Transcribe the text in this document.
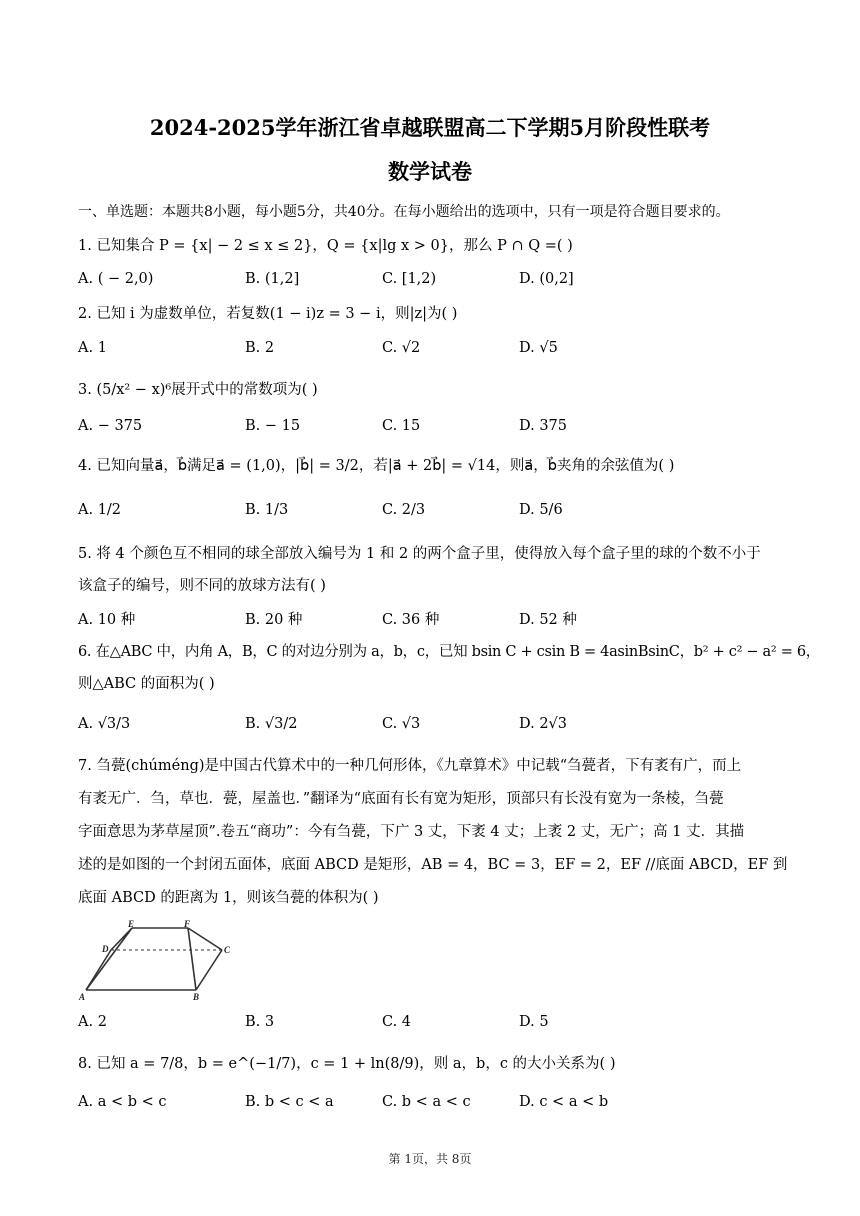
2024-2025学年浙江省卓越联盟高二下学期5月阶段性联考
数学试卷
一、单选题：本题共8小题，每小题5分，共40分。在每小题给出的选项中，只有一项是符合题目要求的。
1. 已知集合 P = {x| − 2 ≤ x ≤ 2}，Q = {x|lg x > 0}，那么 P ∩ Q =( )
A. ( − 2,0)	B. (1,2]	C. [1,2)	D. (0,2]
2. 已知 i 为虚数单位，若复数(1 − i)z = 3 − i，则|z|为( )
A. 1	B. 2	C. √2	D. √5
3. (5/x² − x)⁶展开式中的常数项为( )
A. − 375	B. − 15	C. 15	D. 375
4. 已知向量a⃗，b⃗满足a⃗ = (1,0)，|b⃗| = 3/2，若|a⃗ + 2b⃗| = √14，则a⃗，b⃗夹角的余弦值为( )
A. 1/2	B. 1/3	C. 2/3	D. 5/6
5. 将 4 个颜色互不相同的球全部放入编号为 1 和 2 的两个盒子里，使得放入每个盒子里的球的个数不小于
该盒子的编号，则不同的放球方法有( )
A. 10 种	B. 20 种	C. 36 种	D. 52 种
6. 在△ABC 中，内角 A，B，C 的对边分别为 a，b，c，已知 bsin C + csin B = 4asinBsinC，b² + c² − a² = 6，
则△ABC 的面积为( )
A. √3/3	B. √3/2	C. √3	D. 2√3
7. 刍甍(chúméng)是中国古代算术中的一种几何形体，《九章算术》中记载“刍甍者，下有袤有广，而上
有袤无广．刍，草也．甍，屋盖也．”翻译为“底面有长有宽为矩形，顶部只有长没有宽为一条棱，刍甍
字面意思为茅草屋顶”.卷五“商功”：今有刍甍，下广 3 丈，下袤 4 丈；上袤 2 丈，无广；高 1 丈．其描
述的是如图的一个封闭五面体，底面 ABCD 是矩形，AB = 4，BC = 3，EF = 2，EF //底面 ABCD，EF 到
底面 ABCD 的距离为 1，则该刍甍的体积为( )
E	F
D	C
A	B
A. 2	B. 3	C. 4	D. 5
8. 已知 a = 7/8，b = e^(−1/7)，c = 1 + ln(8/9)，则 a，b，c 的大小关系为( )
A. a < b < c	B. b < c < a	C. b < a < c	D. c < a < b
第 1页，共 8页
